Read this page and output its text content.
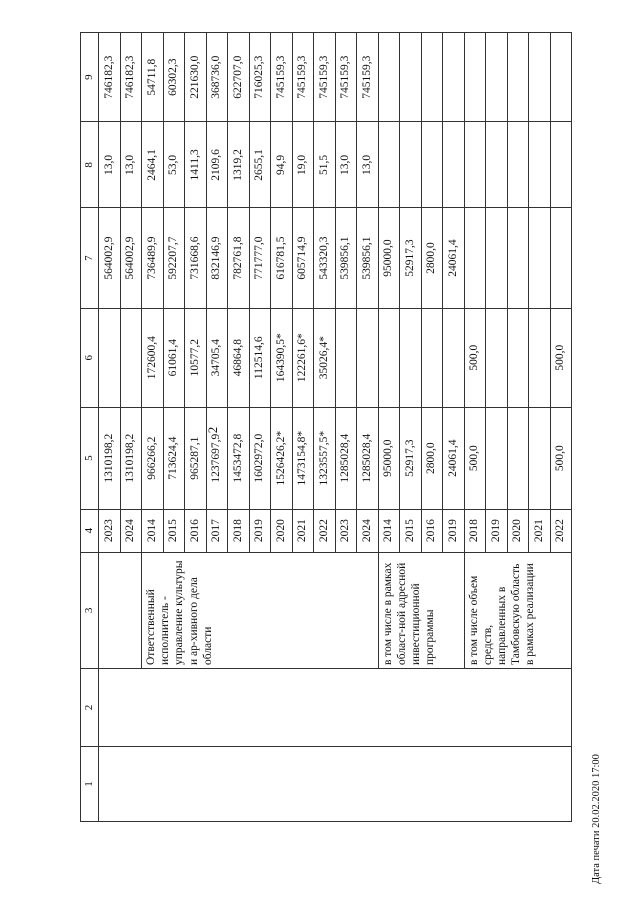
2
1	2	3	4	5	6	7	8	9
			2023	1310198,2		564002,9	13,0	746182,3
			2024	1310198,2		564002,9	13,0	746182,3
		Ответственный исполнитель - управление культуры и ар-хивного дела области	2014	966266,2	172600,4	736489,9	2464,1	54711,8
			2015	713624,4	61061,4	592207,7	53,0	60302,3
			2016	965287,1	10577,2	731668,6	1411,3	221630,0
			2017	1237697,9	34705,4	832146,9	2109,6	368736,0
			2018	1453472,8	46864,8	782761,8	1319,2	622707,0
			2019	1602972,0	112514,6	771777,0	2655,1	716025,3
			2020	1526426,2*	164390,5*	616781,5	94,9	745159,3
			2021	1473154,8*	122261,6*	605714,9	19,0	745159,3
			2022	1323557,5*	35026,4*	543320,3	51,5	745159,3
			2023	1285028,4		539856,1	13,0	745159,3
			2024	1285028,4		539856,1	13,0	745159,3
		в том числе в рамках област-ной адресной инвестиционной программы	2014	95000,0		95000,0		
			2015	52917,3		52917,3		
			2016	2800,0		2800,0		
			2019	24061,4		24061,4		
		в том числе объем средств, направленных в Тамбовскую область в рамках реализации	2018	500,0	500,0			
			2019					
			2020					
			2021					
			2022	500,0	500,0			
Дата печати 20.02.2020 17:00
